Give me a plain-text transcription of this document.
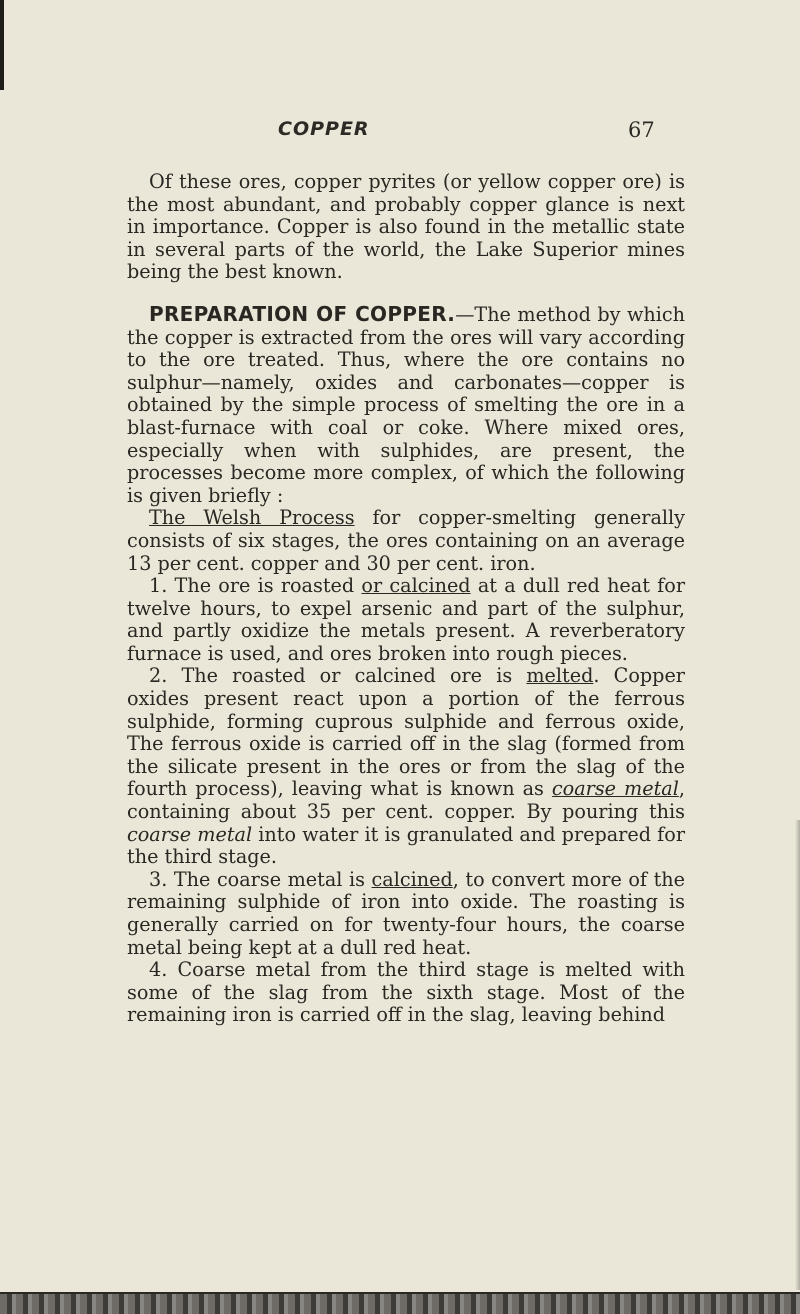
COPPER	67

Of these ores, copper pyrites (or yellow copper ore) is the most abundant, and probably copper glance is next in importance. Copper is also found in the metallic state in several parts of the world, the Lake Superior mines being the best known.

PREPARATION OF COPPER.—The method by which the copper is extracted from the ores will vary according to the ore treated. Thus, where the ore contains no sulphur—namely, oxides and carbonates—copper is obtained by the simple process of smelting the ore in a blast-furnace with coal or coke. Where mixed ores, especially when with sulphides, are present, the processes become more complex, of which the following is given briefly :

The Welsh Process for copper-smelting generally consists of six stages, the ores containing on an average 13 per cent. copper and 30 per cent. iron.

1. The ore is roasted or calcined at a dull red heat for twelve hours, to expel arsenic and part of the sulphur, and partly oxidize the metals present. A reverberatory furnace is used, and ores broken into rough pieces.

2. The roasted or calcined ore is melted. Copper oxides present react upon a portion of the ferrous sulphide, forming cuprous sulphide and ferrous oxide, The ferrous oxide is carried off in the slag (formed from the silicate present in the ores or from the slag of the fourth process), leaving what is known as coarse metal, containing about 35 per cent. copper. By pouring this coarse metal into water it is granulated and prepared for the third stage.

3. The coarse metal is calcined, to convert more of the remaining sulphide of iron into oxide. The roasting is generally carried on for twenty-four hours, the coarse metal being kept at a dull red heat.

4. Coarse metal from the third stage is melted with some of the slag from the sixth stage. Most of the remaining iron is carried off in the slag, leaving behind
